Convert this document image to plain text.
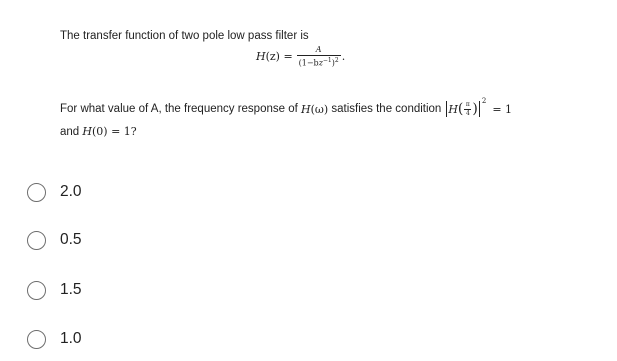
The transfer function of two pole low pass filter is
$H(z) = \frac{A}{(1-bz^{-1})^2}$ .
For what value of A, the frequency response of
H(ω)
satisfies the condition H ( $\frac{\pi}{4}$ ) 2
= 1
and H(0) = 1?
2.0
0.5
1.5
1.0
